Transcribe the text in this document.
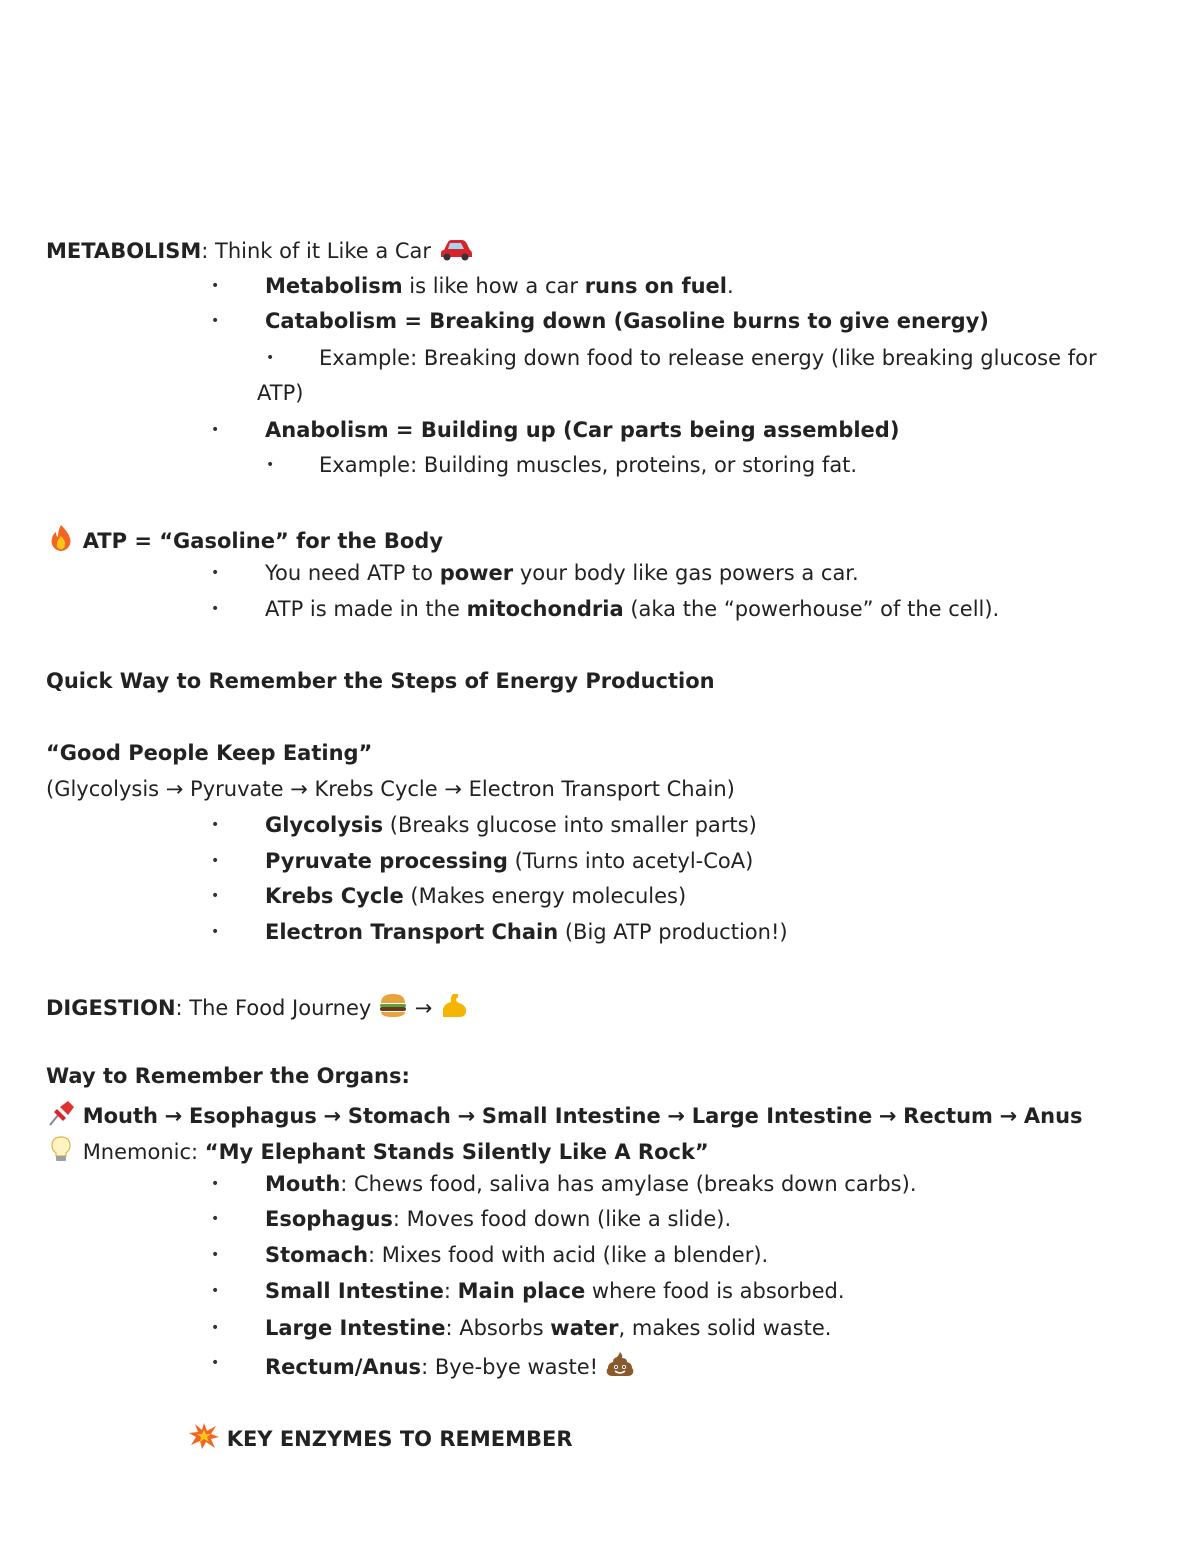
METABOLISM: Think of it Like a Car
• Metabolism is like how a car runs on fuel.
• Catabolism = Breaking down (Gasoline burns to give energy)
• Example: Breaking down food to release energy (like breaking glucose for
ATP)
• Anabolism = Building up (Car parts being assembled)
• Example: Building muscles, proteins, or storing fat.
ATP = “Gasoline” for the Body
• You need ATP to power your body like gas powers a car.
• ATP is made in the mitochondria (aka the “powerhouse” of the cell).
Quick Way to Remember the Steps of Energy Production
“Good People Keep Eating”
(Glycolysis → Pyruvate → Krebs Cycle → Electron Transport Chain)
• Glycolysis (Breaks glucose into smaller parts)
• Pyruvate processing (Turns into acetyl-CoA)
• Krebs Cycle (Makes energy molecules)
• Electron Transport Chain (Big ATP production!)
DIGESTION: The Food Journey →
Way to Remember the Organs:
Mouth → Esophagus → Stomach → Small Intestine → Large Intestine → Rectum → Anus
Mnemonic: “My Elephant Stands Silently Like A Rock”
• Mouth: Chews food, saliva has amylase (breaks down carbs).
• Esophagus: Moves food down (like a slide).
• Stomach: Mixes food with acid (like a blender).
• Small Intestine: Main place where food is absorbed.
• Large Intestine: Absorbs water, makes solid waste.
• Rectum/Anus: Bye-bye waste!
KEY ENZYMES TO REMEMBER
